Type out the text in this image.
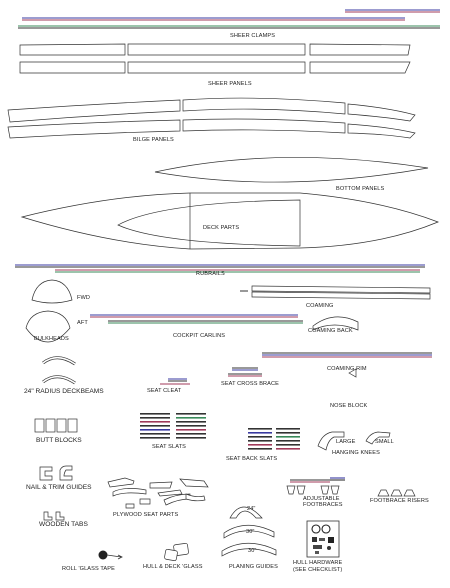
SHEER CLAMPS
SHEER PANELS
BILGE PANELS
BOTTOM PANELS
DECK PARTS
RUBRAILS
FWD
AFT
BULKHEADS
COAMING
COAMING BACK
COCKPIT CARLINS
COAMING RIM
24" RADIUS DECKBEAMS	SEAT CLEAT
SEAT CROSS BRACE
NOSE BLOCK
BUTT BLOCKS
SEAT SLATS
SEAT BACK SLATS
LARGE	SMALL
HANGING KNEES
NAIL & TRIM GUIDES
PLYWOOD SEAT PARTS
ADJUSTABLE
FOOTBRACES
FOOTBRACE RISERS
WOODEN TABS
24"
30"
30"
ROLL 'GLASS TAPE	HULL & DECK 'GLASS	PLANING GUIDES
HULL HARDWARE
(SEE CHECKLIST)
